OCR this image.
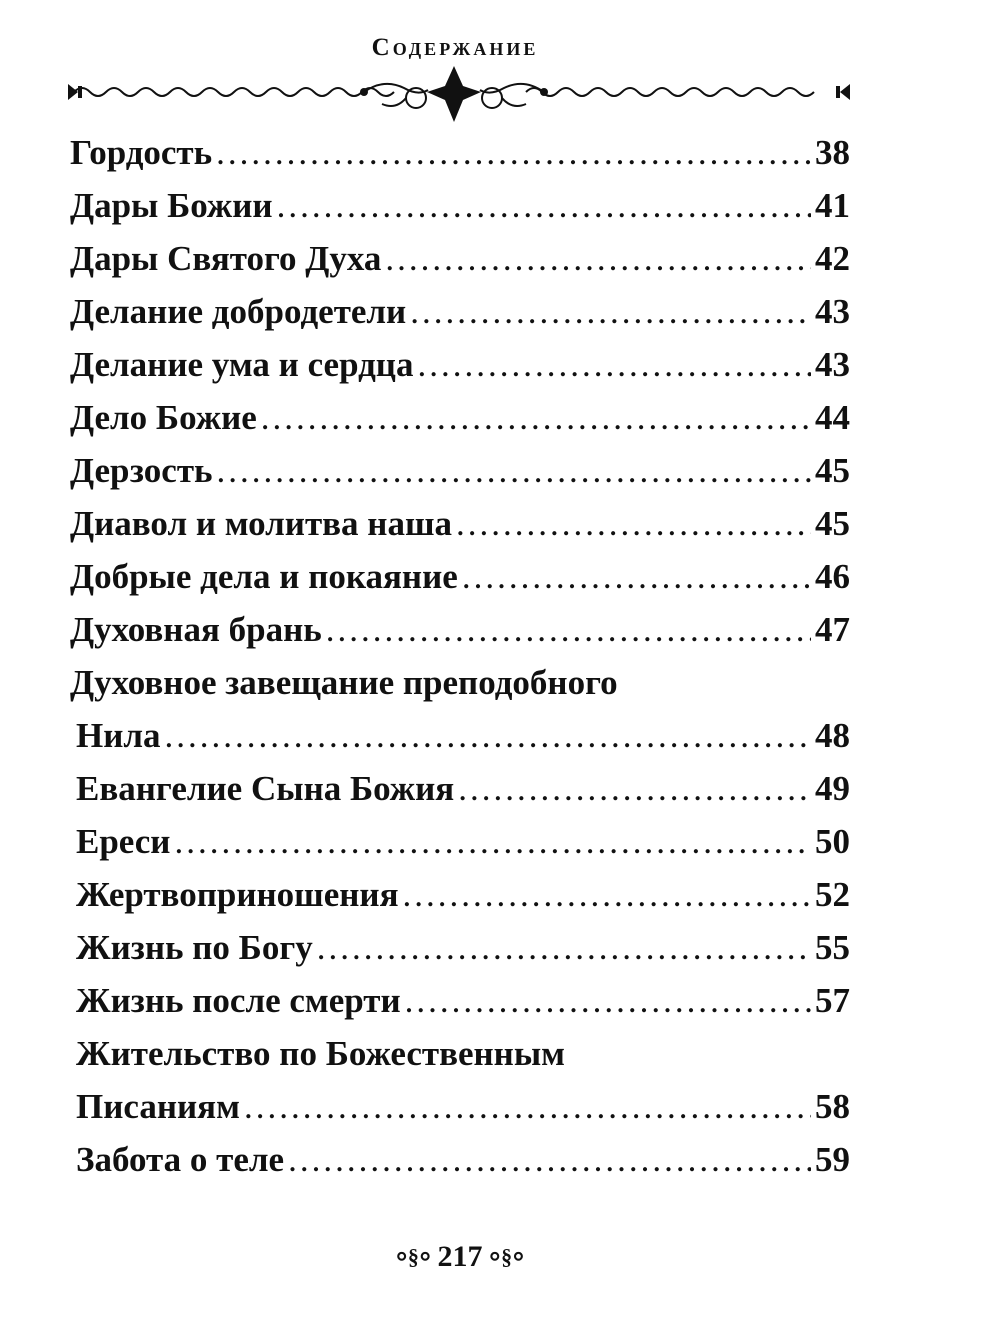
Содержание
Гордость .....	38
Дары Божии .....	41
Дары Святого Духа .....	42
Делание добродетели .....	43
Делание ума и сердца .....	43
Дело Божие .....	44
Дерзость .....	45
Диавол и молитва наша .....	45
Добрые дела и покаяние .....	46
Духовная брань .....	47
Духовное завещание преподобного
Нила .....	48
Евангелие Сына Божия .....	49
Ереси .....	50
Жертвоприношения .....	52
Жизнь по Богу .....	55
Жизнь после смерти .....	57
Жительство по Божественным
Писаниям .....	58
Забота о теле .....	59
⸰§⸰ 217 ⸰§⸰
